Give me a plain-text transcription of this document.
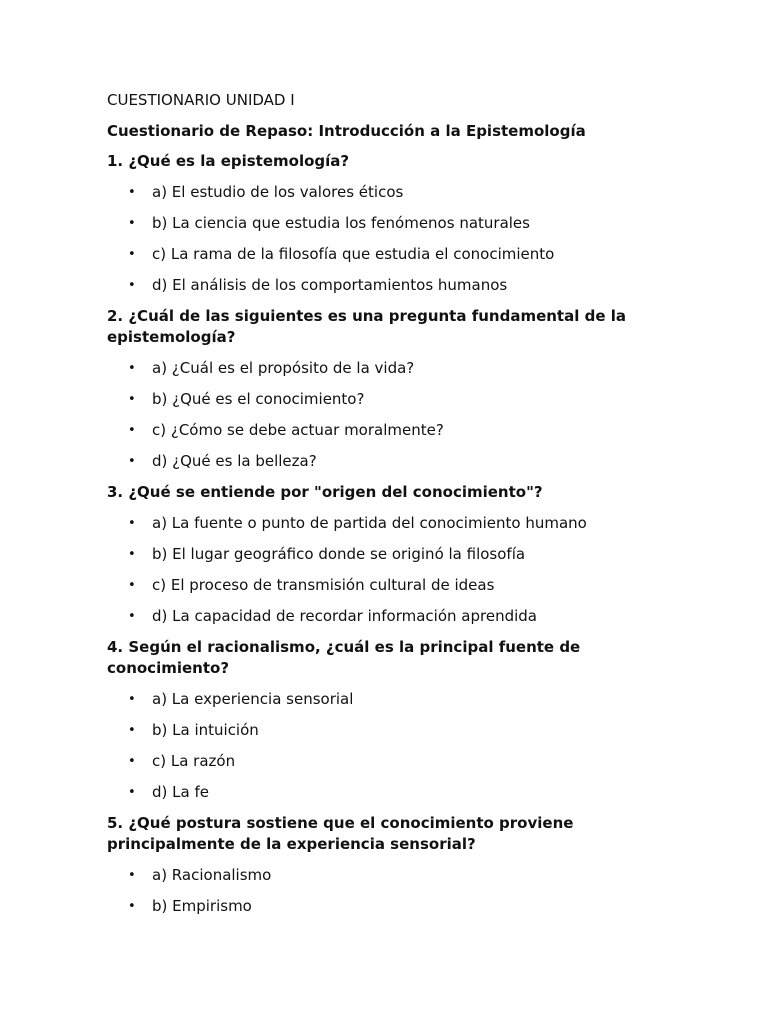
CUESTIONARIO UNIDAD I
Cuestionario de Repaso: Introducción a la Epistemología
1. ¿Qué es la epistemología?
• a) El estudio de los valores éticos
• b) La ciencia que estudia los fenómenos naturales
• c) La rama de la filosofía que estudia el conocimiento
• d) El análisis de los comportamientos humanos
2. ¿Cuál de las siguientes es una pregunta fundamental de la epistemología?
• a) ¿Cuál es el propósito de la vida?
• b) ¿Qué es el conocimiento?
• c) ¿Cómo se debe actuar moralmente?
• d) ¿Qué es la belleza?
3. ¿Qué se entiende por "origen del conocimiento"?
• a) La fuente o punto de partida del conocimiento humano
• b) El lugar geográfico donde se originó la filosofía
• c) El proceso de transmisión cultural de ideas
• d) La capacidad de recordar información aprendida
4. Según el racionalismo, ¿cuál es la principal fuente de conocimiento?
• a) La experiencia sensorial
• b) La intuición
• c) La razón
• d) La fe
5. ¿Qué postura sostiene que el conocimiento proviene principalmente de la experiencia sensorial?
• a) Racionalismo
• b) Empirismo
